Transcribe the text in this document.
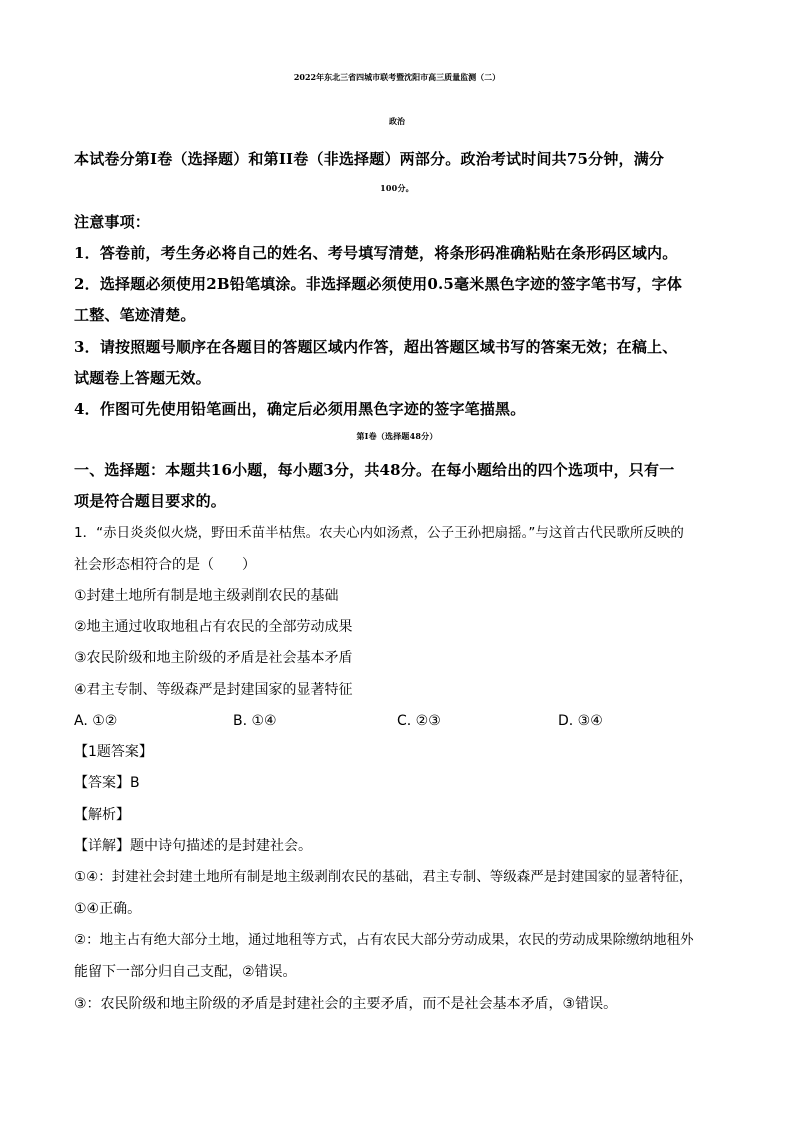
2022年东北三省四城市联考暨沈阳市高三质量监测（二）
政治
本试卷分第I卷（选择题）和第II卷（非选择题）两部分。政治考试时间共75分钟，满分
100分。
注意事项：
1．答卷前，考生务必将自己的姓名、考号填写清楚，将条形码准确粘贴在条形码区域内。
2．选择题必须使用2B铅笔填涂。非选择题必须使用0.5毫米黑色字迹的签字笔书写，字体
工整、笔迹清楚。
3．请按照题号顺序在各题目的答题区域内作答，超出答题区域书写的答案无效；在稿上、
试题卷上答题无效。
4．作图可先使用铅笔画出，确定后必须用黑色字迹的签字笔描黑。
第I卷（选择题48分）
一、选择题：本题共16小题，每小题3分，共48分。在每小题给出的四个选项中，只有一
项是符合题目要求的。
1．“赤日炎炎似火烧，野田禾苗半枯焦。农夫心内如汤煮，公子王孙把扇摇。”与这首古代民歌所反映的
社会形态相符合的是（　　）
①封建土地所有制是地主级剥削农民的基础
②地主通过收取地租占有农民的全部劳动成果
③农民阶级和地主阶级的矛盾是社会基本矛盾
④君主专制、等级森严是封建国家的显著特征
A. ①②	B. ①④	C. ②③	D. ③④
【1题答案】
【答案】B
【解析】
【详解】题中诗句描述的是封建社会。
①④：封建社会封建土地所有制是地主级剥削农民的基础，君主专制、等级森严是封建国家的显著特征，
①④正确。
②：地主占有绝大部分土地，通过地租等方式，占有农民大部分劳动成果，农民的劳动成果除缴纳地租外
能留下一部分归自己支配，②错误。
③：农民阶级和地主阶级的矛盾是封建社会的主要矛盾，而不是社会基本矛盾，③错误。
